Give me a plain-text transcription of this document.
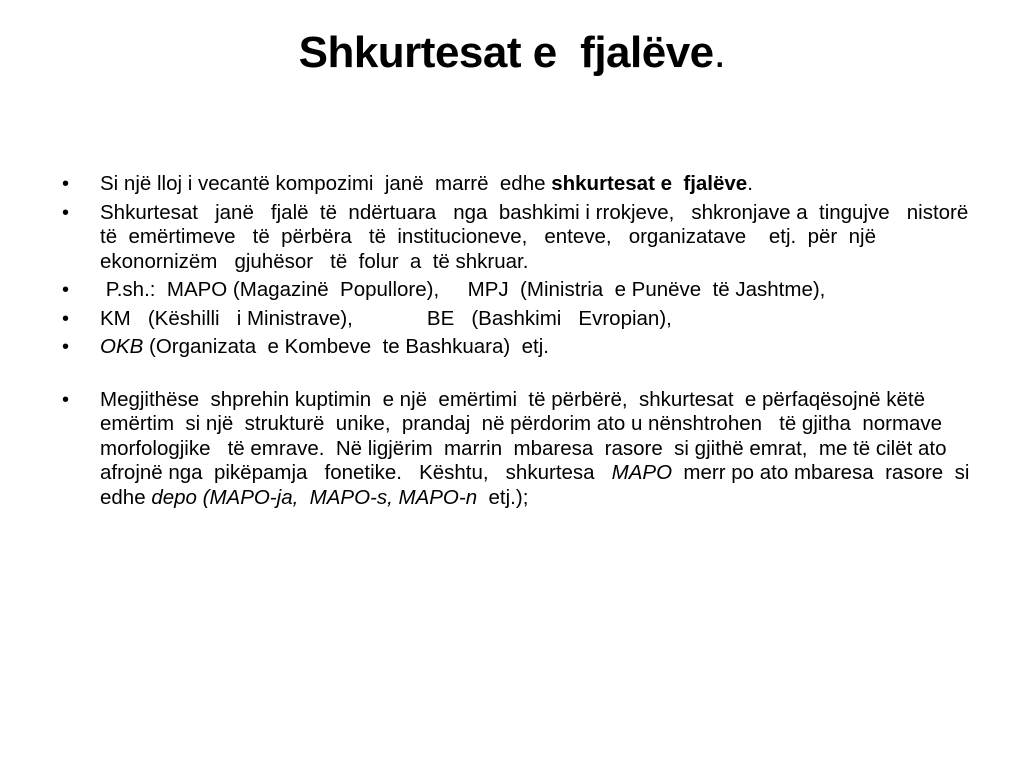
Shkurtesat e  fjalëve.
•	Si një lloj i vecantë kompozimi  janë  marrë  edhe shkurtesat e  fjalëve.
•	Shkurtesat   janë   fjalë  të  ndërtuara   nga  bashkimi i rrokjeve,   shkronjave a  tingujve   nistorë   të  emërtimeve   të  përbëra   të  institucioneve,   enteve,   organizatave    etj.  për  një ekonornizëm   gjuhësor   të  folur  a  të shkruar.
•	P.sh.:  MAPO (Magazinë  Popullore),     MPJ  (Ministria  e Punëve  të Jashtme),
•	KM   (Këshilli   i Ministrave),             BE   (Bashkimi   Evropian),
•	OKB (Organizata  e Kombeve  te Bashkuara)  etj.
•	Megjithëse  shprehin kuptimin  e një  emërtimi  të përbërë,  shkurtesat  e përfaqësojnë këtë  emërtim  si një  strukturë  unike,  prandaj  në përdorim ato u nënshtrohen   të gjitha  normave  morfologjike   të emrave.  Në ligjërim  marrin  mbaresa  rasore  si gjithë emrat,  me të cilët ato afrojnë nga  pikëpamja   fonetike.   Kështu,   shkurtesa   MAPO  merr po ato mbaresa  rasore  si edhe depo (MAPO-ja,  MAPO-s, MAPO-n  etj.);
